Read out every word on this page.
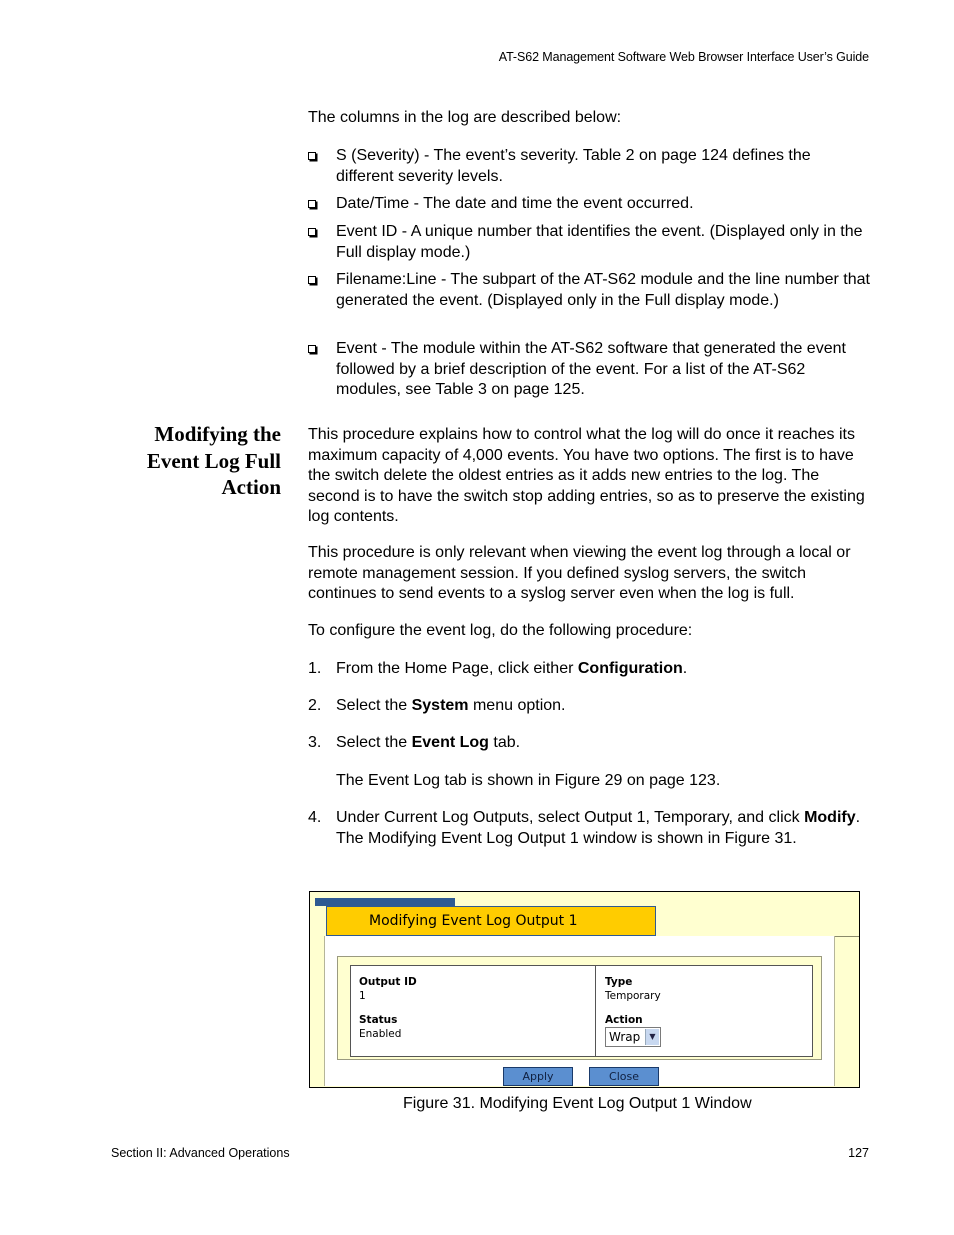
AT-S62 Management Software Web Browser Interface User’s Guide
The columns in the log are described below:
S (Severity) - The event’s severity. Table 2 on page 124 defines the different severity levels.
Date/Time - The date and time the event occurred.
Event ID - A unique number that identifies the event. (Displayed only in the Full display mode.)
Filename:Line - The subpart of the AT-S62 module and the line number that generated the event. (Displayed only in the Full display mode.)
Event - The module within the AT-S62 software that generated the event followed by a brief description of the event. For a list of the AT-S62 modules, see Table 3 on page 125.
Modifying the
Event Log Full
Action
This procedure explains how to control what the log will do once it reaches its maximum capacity of 4,000 events. You have two options. The first is to have the switch delete the oldest entries as it adds new entries to the log. The second is to have the switch stop adding entries, so as to preserve the existing log contents.
This procedure is only relevant when viewing the event log through a local or remote management session. If you defined syslog servers, the switch continues to send events to a syslog server even when the log is full.
To configure the event log, do the following procedure:
1. From the Home Page, click either Configuration.
2. Select the System menu option.
3. Select the Event Log tab.
The Event Log tab is shown in Figure 29 on page 123.
4. Under Current Log Outputs, select Output 1, Temporary, and click Modify. The Modifying Event Log Output 1 window is shown in Figure 31.
Modifying Event Log Output 1
Output ID
1
Status
Enabled
Type
Temporary
Action
Wrap	▼
Apply	Close
Figure 31. Modifying Event Log Output 1 Window
Section II: Advanced Operations	127
